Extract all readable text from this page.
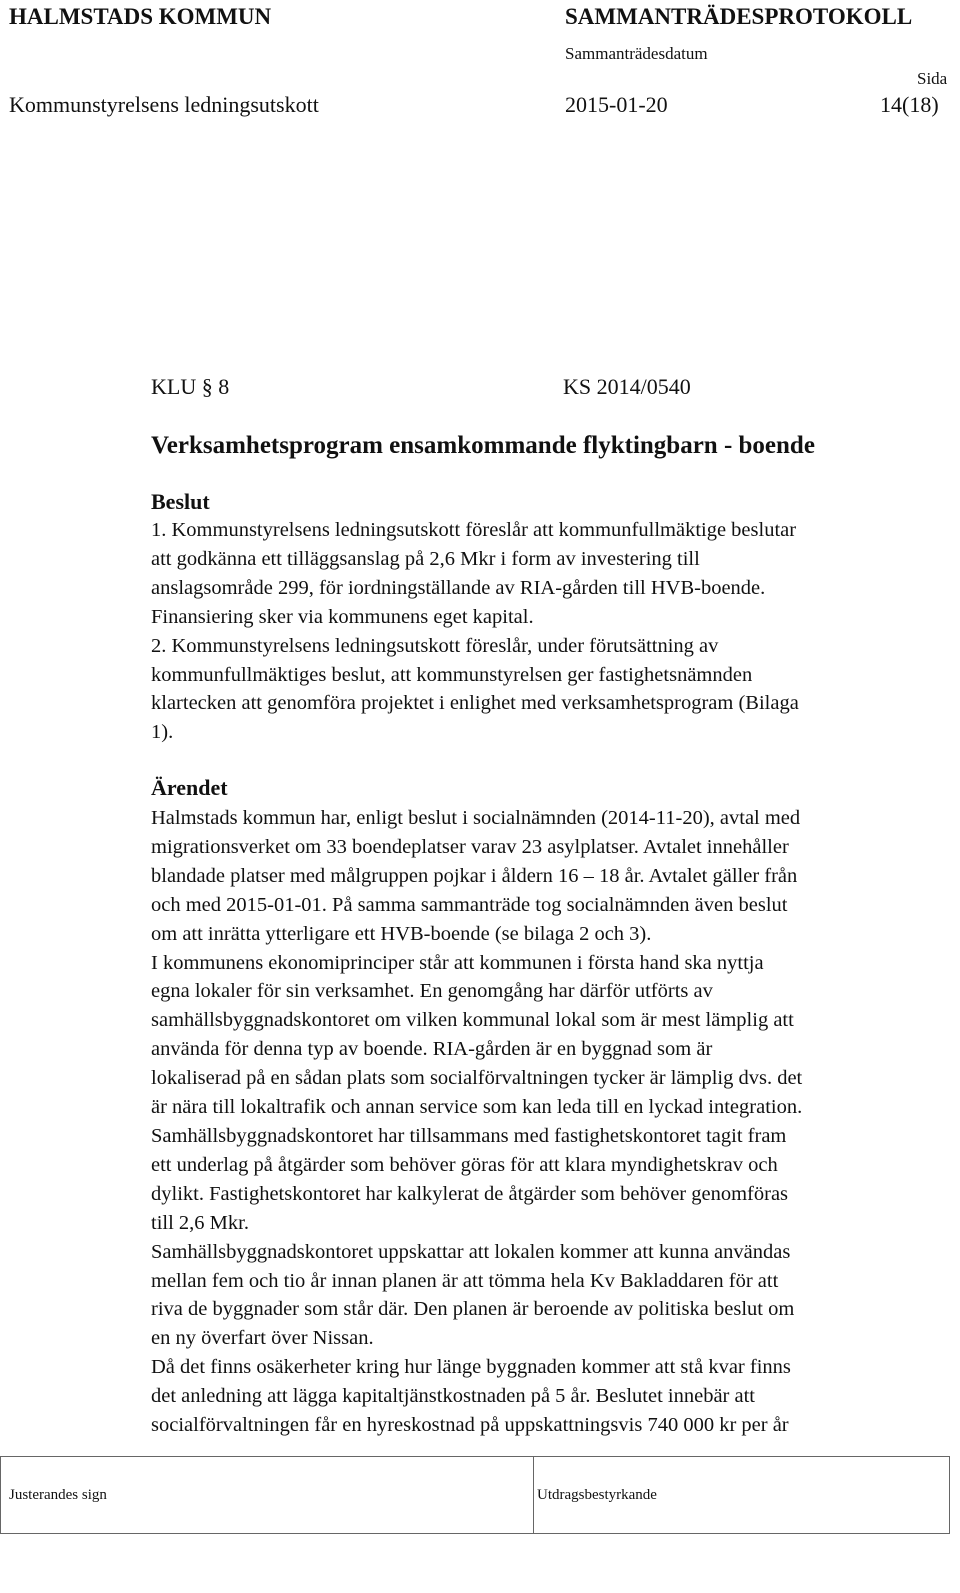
HALMSTADS KOMMUN	SAMMANTRÄDESPROTOKOLL
Sammanträdesdatum
Sida
Kommunstyrelsens ledningsutskott	2015-01-20	14(18)
KLU § 8	KS 2014/0540
Verksamhetsprogram ensamkommande flyktingbarn - boende
Beslut
1. Kommunstyrelsens ledningsutskott föreslår att kommunfullmäktige beslutar
att godkänna ett tilläggsanslag på 2,6 Mkr i form av investering till
anslagsområde 299, för iordningställande av RIA-gården till HVB-boende.
Finansiering sker via kommunens eget kapital.
2. Kommunstyrelsens ledningsutskott föreslår, under förutsättning av
kommunfullmäktiges beslut, att kommunstyrelsen ger fastighetsnämnden
klartecken att genomföra projektet i enlighet med verksamhetsprogram (Bilaga
1).
Ärendet
Halmstads kommun har, enligt beslut i socialnämnden (2014-11-20), avtal med
migrationsverket om 33 boendeplatser varav 23 asylplatser. Avtalet innehåller
blandade platser med målgruppen pojkar i åldern 16 – 18 år. Avtalet gäller från
och med 2015-01-01. På samma sammanträde tog socialnämnden även beslut
om att inrätta ytterligare ett HVB-boende (se bilaga 2 och 3).
I kommunens ekonomiprinciper står att kommunen i första hand ska nyttja
egna lokaler för sin verksamhet. En genomgång har därför utförts av
samhällsbyggnadskontoret om vilken kommunal lokal som är mest lämplig att
använda för denna typ av boende. RIA-gården är en byggnad som är
lokaliserad på en sådan plats som socialförvaltningen tycker är lämplig dvs. det
är nära till lokaltrafik och annan service som kan leda till en lyckad integration.
Samhällsbyggnadskontoret har tillsammans med fastighetskontoret tagit fram
ett underlag på åtgärder som behöver göras för att klara myndighetskrav och
dylikt. Fastighetskontoret har kalkylerat de åtgärder som behöver genomföras
till 2,6 Mkr.
Samhällsbyggnadskontoret uppskattar att lokalen kommer att kunna användas
mellan fem och tio år innan planen är att tömma hela Kv Bakladdaren för att
riva de byggnader som står där. Den planen är beroende av politiska beslut om
en ny överfart över Nissan.
Då det finns osäkerheter kring hur länge byggnaden kommer att stå kvar finns
det anledning att lägga kapitaltjänstkostnaden på 5 år. Beslutet innebär att
socialförvaltningen får en hyreskostnad på uppskattningsvis 740 000 kr per år
Justerandes sign	Utdragsbestyrkande
